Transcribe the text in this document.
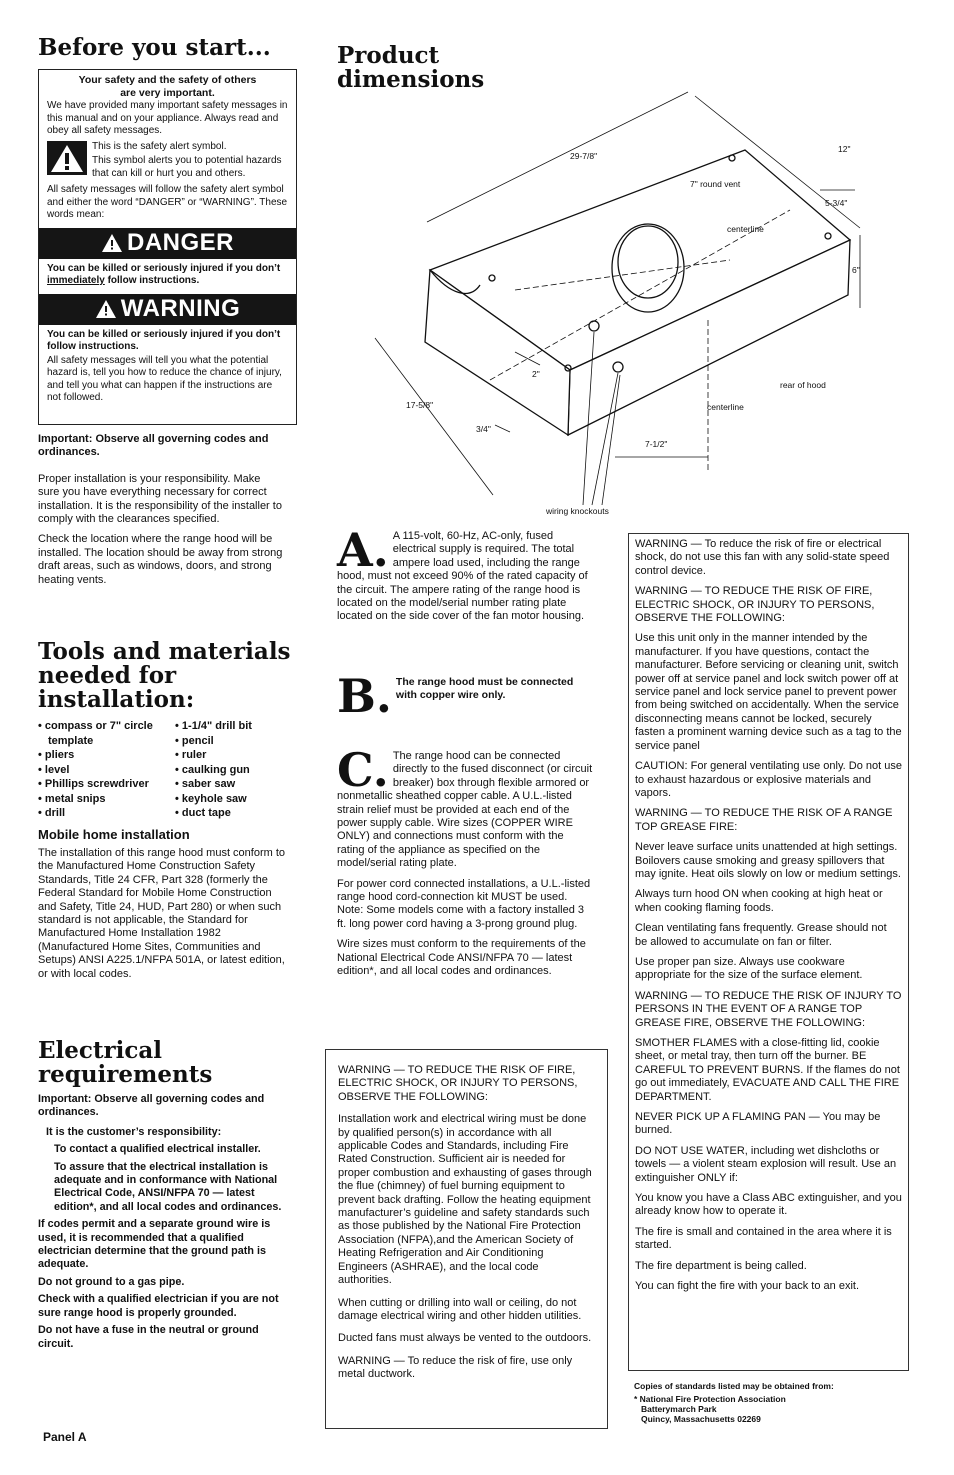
Before you start...
Your safety and the safety of others
are very important.
We have provided many important safety messages in this manual and on your appliance. Always read and obey all safety messages.
This is the safety alert symbol.
This symbol alerts you to potential hazards that can kill or hurt you and others.
All safety messages will follow the safety alert symbol and either the word “DANGER” or “WARNING”. These words mean:
DANGER
You can be killed or seriously injured if you don’t immediately follow instructions.
WARNING
You can be killed or seriously injured if you don’t follow instructions.
All safety messages will tell you what the potential hazard is, tell you how to reduce the chance of injury, and tell you what can happen if the instructions are not followed.

Important: Observe all governing codes and ordinances.

Proper installation is your responsibility. Make sure you have everything necessary for correct installation. It is the responsibility of the installer to comply with the clearances specified.

Check the location where the range hood will be installed. The location should be away from strong draft areas, such as windows, doors, and strong heating vents.

Tools and materials
needed for
installation:
• compass or 7" circle template
• pliers
• level
• Phillips screwdriver
• metal snips
• drill
• 1-1/4" drill bit
• pencil
• ruler
• caulking gun
• saber saw
• keyhole saw
• duct tape
Mobile home installation
The installation of this range hood must conform to the Manufactured Home Construction Safety Standards, Title 24 CFR, Part 328 (formerly the Federal Standard for Mobile Home Construction and Safety, Title 24, HUD, Part 280) or when such standard is not applicable, the Standard for Manufactured Home Installation 1982 (Manufactured Home Sites, Communities and Setups) ANSI A225.1/NFPA 501A, or latest edition, or with local codes.
Electrical
requirements

Important: Observe all governing codes and ordinances.

It is the customer’s responsibility:

To contact a qualified electrical installer.

To assure that the electrical installation is adequate and in conformance with National Electrical Code, ANSI/NFPA 70 — latest edition*, and all local codes and ordinances.

If codes permit and a separate ground wire is used, it is recommended that a qualified electrician determine that the ground path is adequate.

Do not ground to a gas pipe.

Check with a qualified electrician if you are not sure range hood is properly grounded.

Do not have a fuse in the neutral or ground circuit.

Panel A
Product
dimensions
29-7/8"
12"
7" round vent
centerline
5-3/4"
6"
2"
rear of hood
17-5/8"	centerline
3/4"
7-1/2"
wiring knockouts

A. A 115-volt, 60-Hz, AC-only, fused electrical supply is required. The total ampere load used, including the range hood, must not exceed 90% of the rated capacity of the circuit. The ampere rating of the range hood is located on the model/serial number rating plate located on the side cover of the fan motor housing.

B. The range hood must be connected with copper wire only.

C. The range hood can be connected directly to the fused disconnect (or circuit breaker) box through flexible armored or nonmetallic sheathed copper cable. A U.L.-listed strain relief must be provided at each end of the power supply cable. Wire sizes (COPPER WIRE ONLY) and connections must conform with the rating of the appliance as specified on the model/serial rating plate.

For power cord connected installations, a U.L.-listed range hood cord-connection kit MUST be used. Note: Some models come with a factory installed 3 ft. long power cord having a 3-prong ground plug.

Wire sizes must conform to the requirements of the National Electrical Code ANSI/NFPA 70 — latest edition*, and all local codes and ordinances.

WARNING — TO REDUCE THE RISK OF FIRE, ELECTRIC SHOCK, OR INJURY TO PERSONS, OBSERVE THE FOLLOWING:

Installation work and electrical wiring must be done by qualified person(s) in accordance with all applicable Codes and Standards, including Fire Rated Construction. Sufficient air is needed for proper combustion and exhausting of gases through the flue (chimney) of fuel burning equipment to prevent back drafting. Follow the heating equipment manufacturer’s guideline and safety standards such as those published by the National Fire Protection Association (NFPA),and the American Society of Heating Refrigeration and Air Conditioning Engineers (ASHRAE), and the local code authorities.

When cutting or drilling into wall or ceiling, do not damage electrical wiring and other hidden utilities.

Ducted fans must always be vented to the outdoors.

WARNING — To reduce the risk of fire, use only metal ductwork.

WARNING — To reduce the risk of fire or electrical shock, do not use this fan with any solid-state speed control device.

WARNING — TO REDUCE THE RISK OF FIRE, ELECTRIC SHOCK, OR INJURY TO PERSONS, OBSERVE THE FOLLOWING:

Use this unit only in the manner intended by the manufacturer. If you have questions, contact the manufacturer. Before servicing or cleaning unit, switch power off at service panel and lock switch power off at service panel and lock service panel to prevent power from being switched on accidentally. When the service disconnecting means cannot be locked, securely fasten a prominent warning device such as a tag to the service panel

CAUTION: For general ventilating use only. Do not use to exhaust hazardous or explosive materials and vapors.

WARNING — TO REDUCE THE RISK OF A RANGE TOP GREASE FIRE:

Never leave surface units unattended at high settings. Boilovers cause smoking and greasy spillovers that may ignite. Heat oils slowly on low or medium settings.

Always turn hood ON when cooking at high heat or when cooking flaming foods.

Clean ventilating fans frequently. Grease should not be allowed to accumulate on fan or filter.

Use proper pan size. Always use cookware appropriate for the size of the surface element.

WARNING — TO REDUCE THE RISK OF INJURY TO PERSONS IN THE EVENT OF A RANGE TOP GREASE FIRE, OBSERVE THE FOLLOWING:

SMOTHER FLAMES with a close-fitting lid, cookie sheet, or metal tray, then turn off the burner. BE CAREFUL TO PREVENT BURNS. If the flames do not go out immediately, EVACUATE AND CALL THE FIRE DEPARTMENT.

NEVER PICK UP A FLAMING PAN — You may be burned.

DO NOT USE WATER, including wet dishcloths or towels — a violent steam explosion will result. Use an extinguisher ONLY if:

You know you have a Class ABC extinguisher, and you already know how to operate it.

The fire is small and contained in the area where it is started.

The fire department is being called.

You can fight the fire with your back to an exit.

Copies of standards listed may be obtained from:
* National Fire Protection Association
Batterymarch Park
Quincy, Massachusetts 02269
